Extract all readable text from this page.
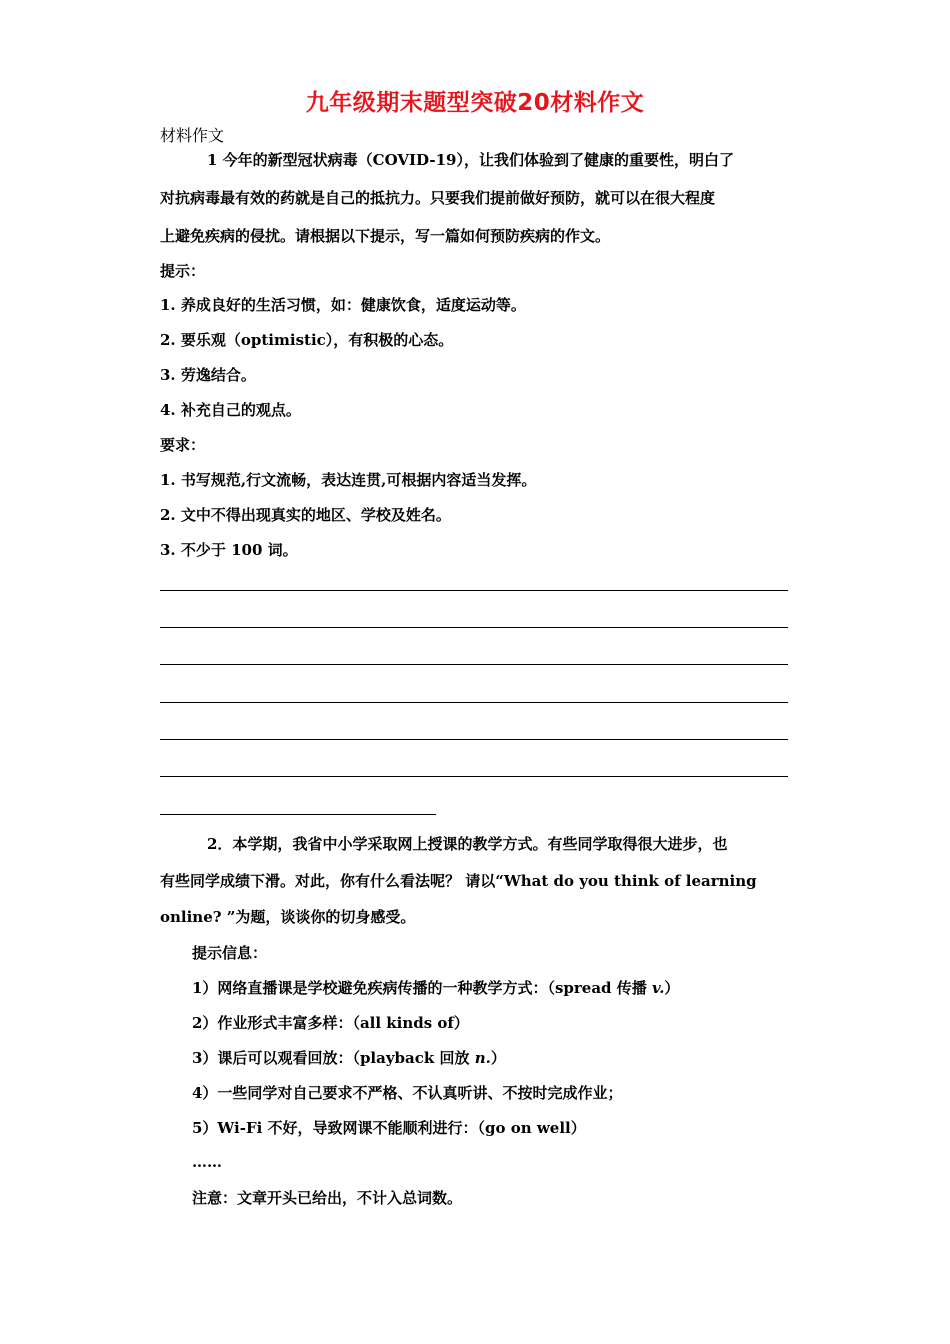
九年级期末题型突破20材料作文
材料作文
1 今年的新型冠状病毒（COVID-19），让我们体验到了健康的重要性，明白了
对抗病毒最有效的药就是自己的抵抗力。只要我们提前做好预防，就可以在很大程度
上避免疾病的侵扰。请根据以下提示，写一篇如何预防疾病的作文。
提示：
1. 养成良好的生活习惯，如：健康饮食，适度运动等。
2. 要乐观（optimistic），有积极的心态。
3. 劳逸结合。
4. 补充自己的观点。
要求：
1. 书写规范,行文流畅，表达连贯,可根据内容适当发挥。
2. 文中不得出现真实的地区、学校及姓名。
3. 不少于 100 词。
2．本学期，我省中小学采取网上授课的教学方式。有些同学取得很大进步，也
有些同学成绩下滑。对此，你有什么看法呢？ 请以“What do you think of learning
online? ”为题，谈谈你的切身感受。
提示信息：
1）网络直播课是学校避免疾病传播的一种教学方式：（spread 传播 v.）
2）作业形式丰富多样：（all kinds of）
3）课后可以观看回放：（playback 回放 n.）
4）一些同学对自己要求不严格、不认真听讲、不按时完成作业；
5）Wi-Fi 不好，导致网课不能顺利进行：（go on well）
……
注意：文章开头已给出，不计入总词数。
